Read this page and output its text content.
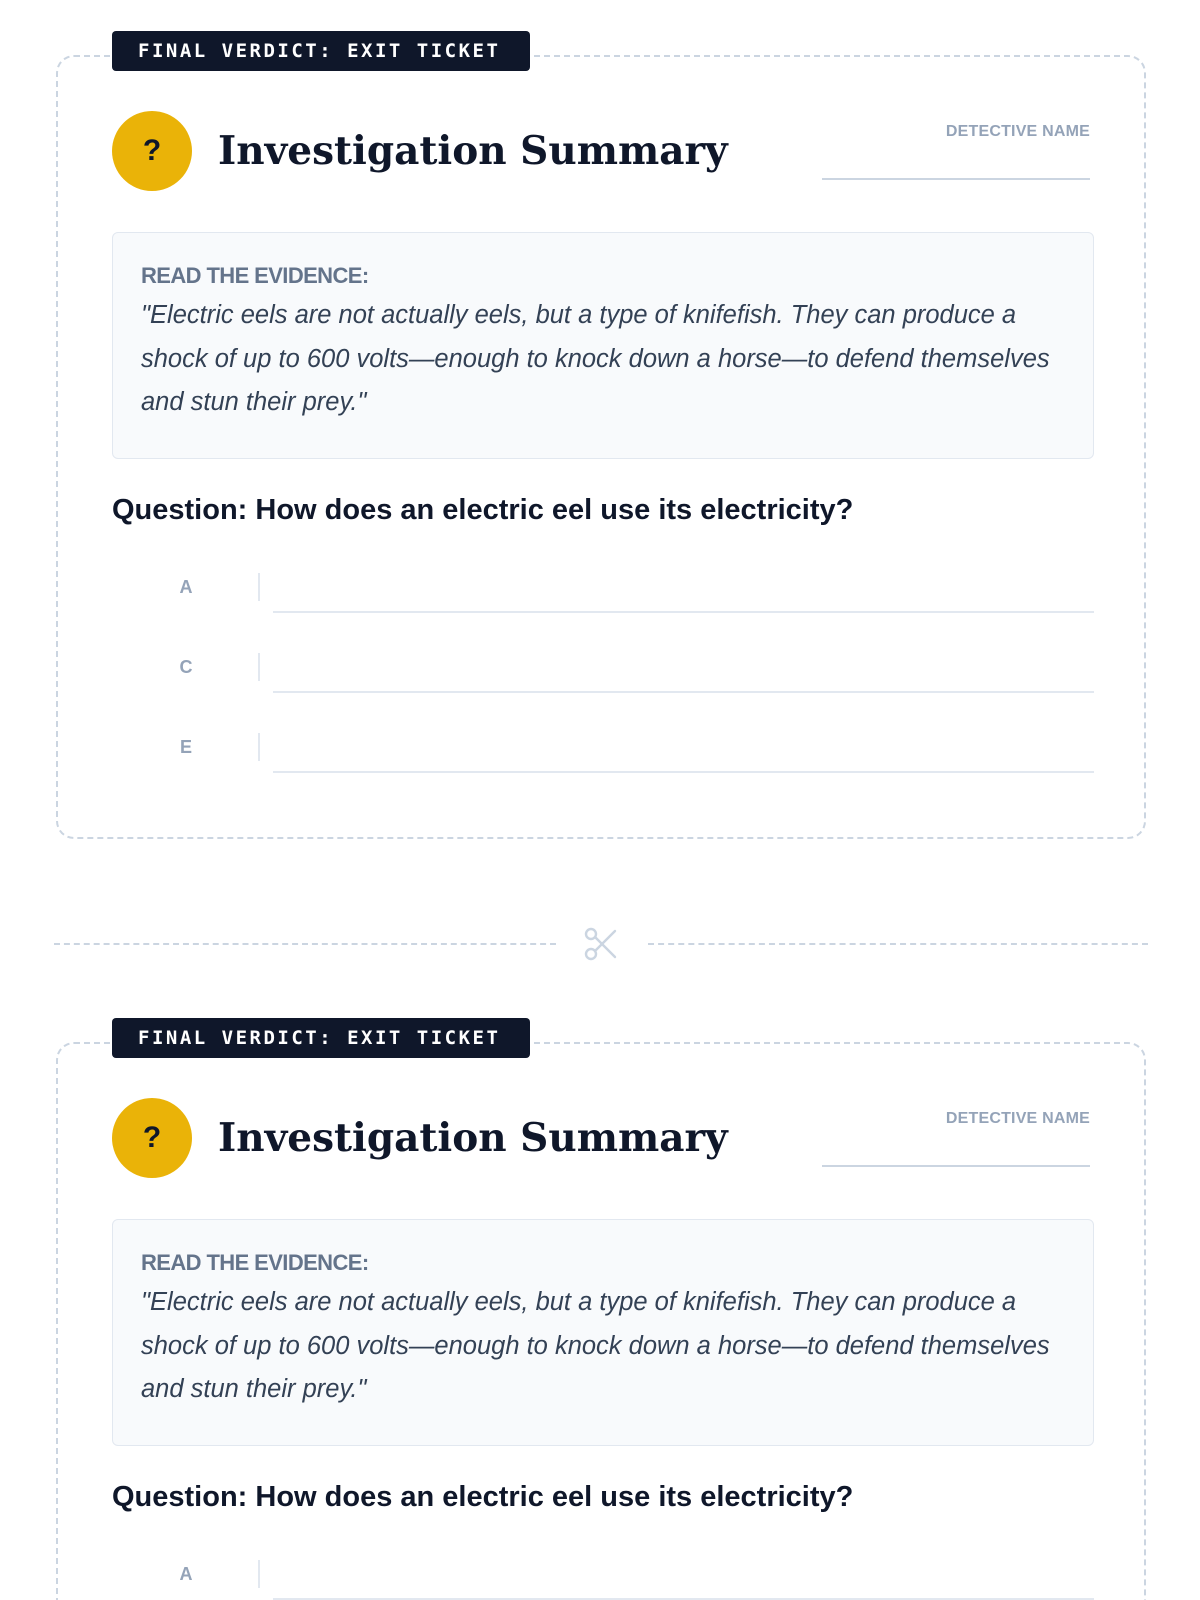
FINAL VERDICT: EXIT TICKET
?	Investigation Summary	DETECTIVE NAME
READ THE EVIDENCE:
"Electric eels are not actually eels, but a type of knifefish. They can produce a shock of up to 600 volts—enough to knock down a horse—to defend themselves and stun their prey."
Question: How does an electric eel use its electricity?
A
C
E
FINAL VERDICT: EXIT TICKET
?	Investigation Summary	DETECTIVE NAME
READ THE EVIDENCE:
"Electric eels are not actually eels, but a type of knifefish. They can produce a shock of up to 600 volts—enough to knock down a horse—to defend themselves and stun their prey."
Question: How does an electric eel use its electricity?
A
